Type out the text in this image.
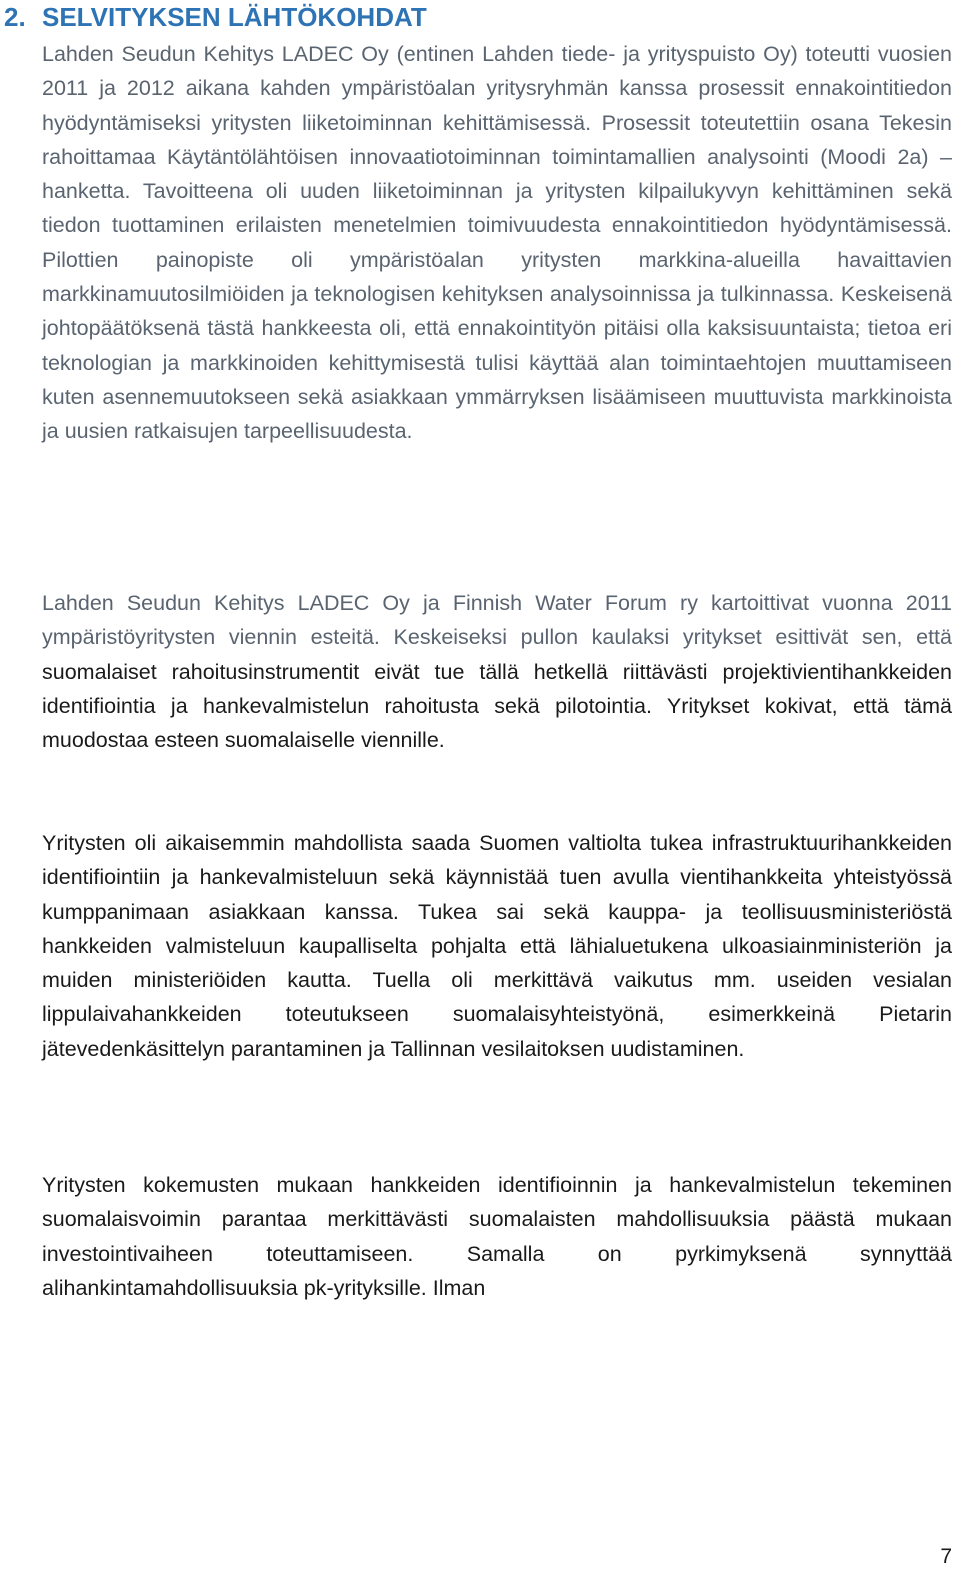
2. SELVITYKSEN LÄHTÖKOHDAT

Lahden Seudun Kehitys LADEC Oy (entinen Lahden tiede- ja yrityspuisto Oy) toteutti vuosien 2011 ja 2012 aikana kahden ympäristöalan yritysryhmän kanssa prosessit ennakointitiedon hyödyntämiseksi yritysten liiketoiminnan kehittämisessä. Prosessit toteutettiin osana Tekesin rahoittamaa Käytäntölähtöisen innovaatiotoiminnan toimintamallien analysointi (Moodi 2a) –hanketta. Tavoitteena oli uuden liiketoiminnan ja yritysten kilpailukyvyn kehittäminen sekä tiedon tuottaminen erilaisten menetelmien toimivuudesta ennakointitiedon hyödyntämisessä. Pilottien painopiste oli ympäristöalan yritysten markkina-alueilla havaittavien markkinamuutosilmiöiden ja teknologisen kehityksen analysoinnissa ja tulkinnassa. Keskeisenä johtopäätöksenä tästä hankkeesta oli, että ennakointityön pitäisi olla kaksisuuntaista; tietoa eri teknologian ja markkinoiden kehittymisestä tulisi käyttää alan toimintaehtojen muuttamiseen kuten asennemuutokseen sekä asiakkaan ymmärryksen lisäämiseen muuttuvista markkinoista ja uusien ratkaisujen tarpeellisuudesta.

Lahden Seudun Kehitys LADEC Oy ja Finnish Water Forum ry kartoittivat vuonna 2011 ympäristöyritysten viennin esteitä. Keskeiseksi pullon kaulaksi yritykset esittivät sen, että suomalaiset rahoitusinstrumentit eivät tue tällä hetkellä riittävästi projektivientihankkeiden identifiointia ja hankevalmistelun rahoitusta sekä pilotointia. Yritykset kokivat, että tämä muodostaa esteen suomalaiselle viennille.

Yritysten oli aikaisemmin mahdollista saada Suomen valtiolta tukea infrastruktuurihankkeiden identifiointiin ja hankevalmisteluun sekä käynnistää tuen avulla vientihankkeita yhteistyössä kumppanimaan asiakkaan kanssa. Tukea sai sekä kauppa- ja teollisuusministeriöstä hankkeiden valmisteluun kaupalliselta pohjalta että lähialuetukena ulkoasiainministeriön ja muiden ministeriöiden kautta. Tuella oli merkittävä vaikutus mm. useiden vesialan lippulaivahankkeiden toteutukseen suomalaisyhteistyönä, esimerkkeinä Pietarin jätevedenkäsittelyn parantaminen ja Tallinnan vesilaitoksen uudistaminen.

Yritysten kokemusten mukaan hankkeiden identifioinnin ja hankevalmistelun tekeminen suomalaisvoimin parantaa merkittävästi suomalaisten mahdollisuuksia päästä mukaan investointivaiheen toteuttamiseen. Samalla on pyrkimyksenä synnyttää alihankintamahdollisuuksia pk-yrityksille. Ilman

7
